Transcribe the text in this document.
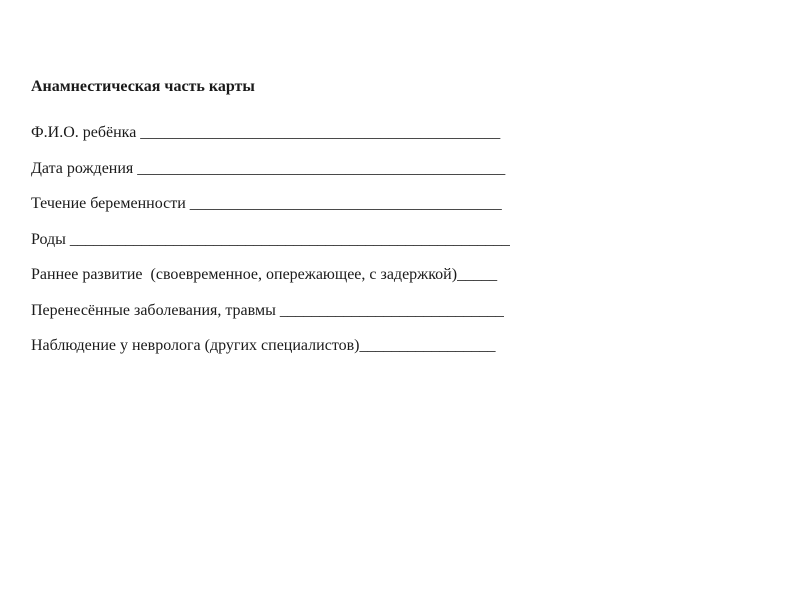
Анамнестическая часть карты
Ф.И.О. ребёнка _____________________________________________
Дата рождения ______________________________________________
Течение беременности _______________________________________
Роды _______________________________________________________
Раннее развитие  (своевременное, опережающее, с задержкой)_____
Перенесённые заболевания, травмы ____________________________
Наблюдение у невролога (других специалистов)_________________
